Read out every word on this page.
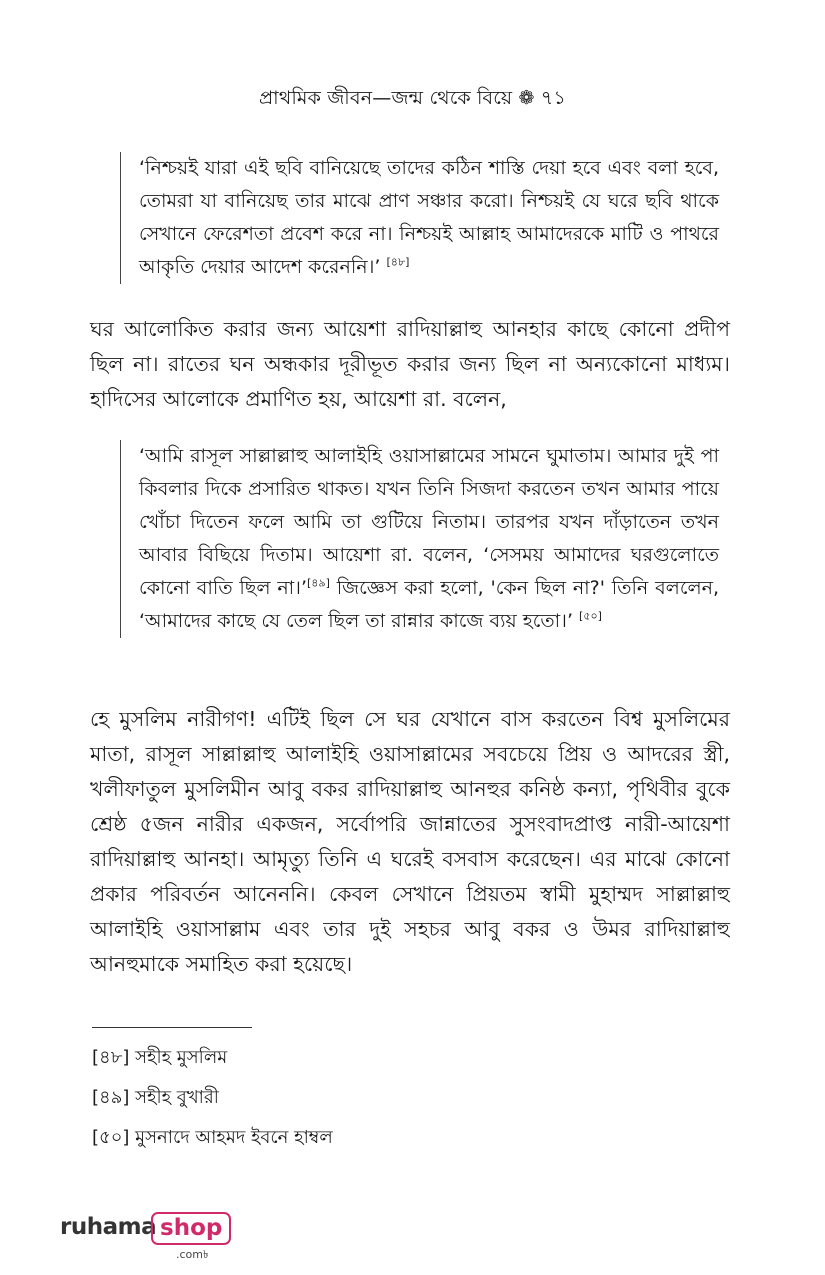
প্রাথমিক জীবন—জন্ম থেকে বিয়ে ❁ ৭১
‘নিশ্চয়ই যারা এই ছবি বানিয়েছে তাদের কঠিন শাস্তি দেয়া হবে এবং বলা হবে, তোমরা যা বানিয়েছ তার মাঝে প্রাণ সঞ্চার করো। নিশ্চয়ই যে ঘরে ছবি থাকে সেখানে ফেরেশতা প্রবেশ করে না। নিশ্চয়ই আল্লাহ আমাদেরকে মাটি ও পাথরে আকৃতি দেয়ার আদেশ করেননি।’ [৪৮]
ঘর আলোকিত করার জন্য আয়েশা রাদিয়াল্লাহু আনহার কাছে কোনো প্রদীপ ছিল না। রাতের ঘন অন্ধকার দূরীভূত করার জন্য ছিল না অন্যকোনো মাধ্যম। হাদিসের আলোকে প্রমাণিত হয়, আয়েশা রা. বলেন,
‘আমি রাসূল সাল্লাল্লাহু আলাইহি ওয়াসাল্লামের সামনে ঘুমাতাম। আমার দুই পা কিবলার দিকে প্রসারিত থাকত। যখন তিনি সিজদা করতেন তখন আমার পায়ে খোঁচা দিতেন ফলে আমি তা গুটিয়ে নিতাম। তারপর যখন দাঁড়াতেন তখন আবার বিছিয়ে দিতাম। আয়েশা রা. বলেন, ‘সেসময় আমাদের ঘরগুলোতে কোনো বাতি ছিল না।’[৪৯] জিজ্ঞেস করা হলো, 'কেন ছিল না?' তিনি বললেন, ‘আমাদের কাছে যে তেল ছিল তা রান্নার কাজে ব্যয় হতো।’ [৫০]
হে মুসলিম নারীগণ! এটিই ছিল সে ঘর যেখানে বাস করতেন বিশ্ব মুসলিমের মাতা, রাসূল সাল্লাল্লাহু আলাইহি ওয়াসাল্লামের সবচেয়ে প্রিয় ও আদরের স্ত্রী, খলীফাতুল মুসলিমীন আবু বকর রাদিয়াল্লাহু আনহুর কনিষ্ঠ কন্যা, পৃথিবীর বুকে শ্রেষ্ঠ ৫জন নারীর একজন, সর্বোপরি জান্নাতের সুসংবাদপ্রাপ্ত নারী-আয়েশা রাদিয়াল্লাহু আনহা। আমৃত্যু তিনি এ ঘরেই বসবাস করেছেন। এর মাঝে কোনো প্রকার পরিবর্তন আনেননি। কেবল সেখানে প্রিয়তম স্বামী মুহাম্মদ সাল্লাল্লাহু আলাইহি ওয়াসাল্লাম এবং তার দুই সহচর আবু বকর ও উমর রাদিয়াল্লাহু আনহুমাকে সমাহিত করা হয়েছে।
[৪৮] সহীহ মুসলিম
[৪৯] সহীহ বুখারী
[৫০] মুসনাদে আহমদ ইবনে হাম্বল
ruhama shop
.com৳
